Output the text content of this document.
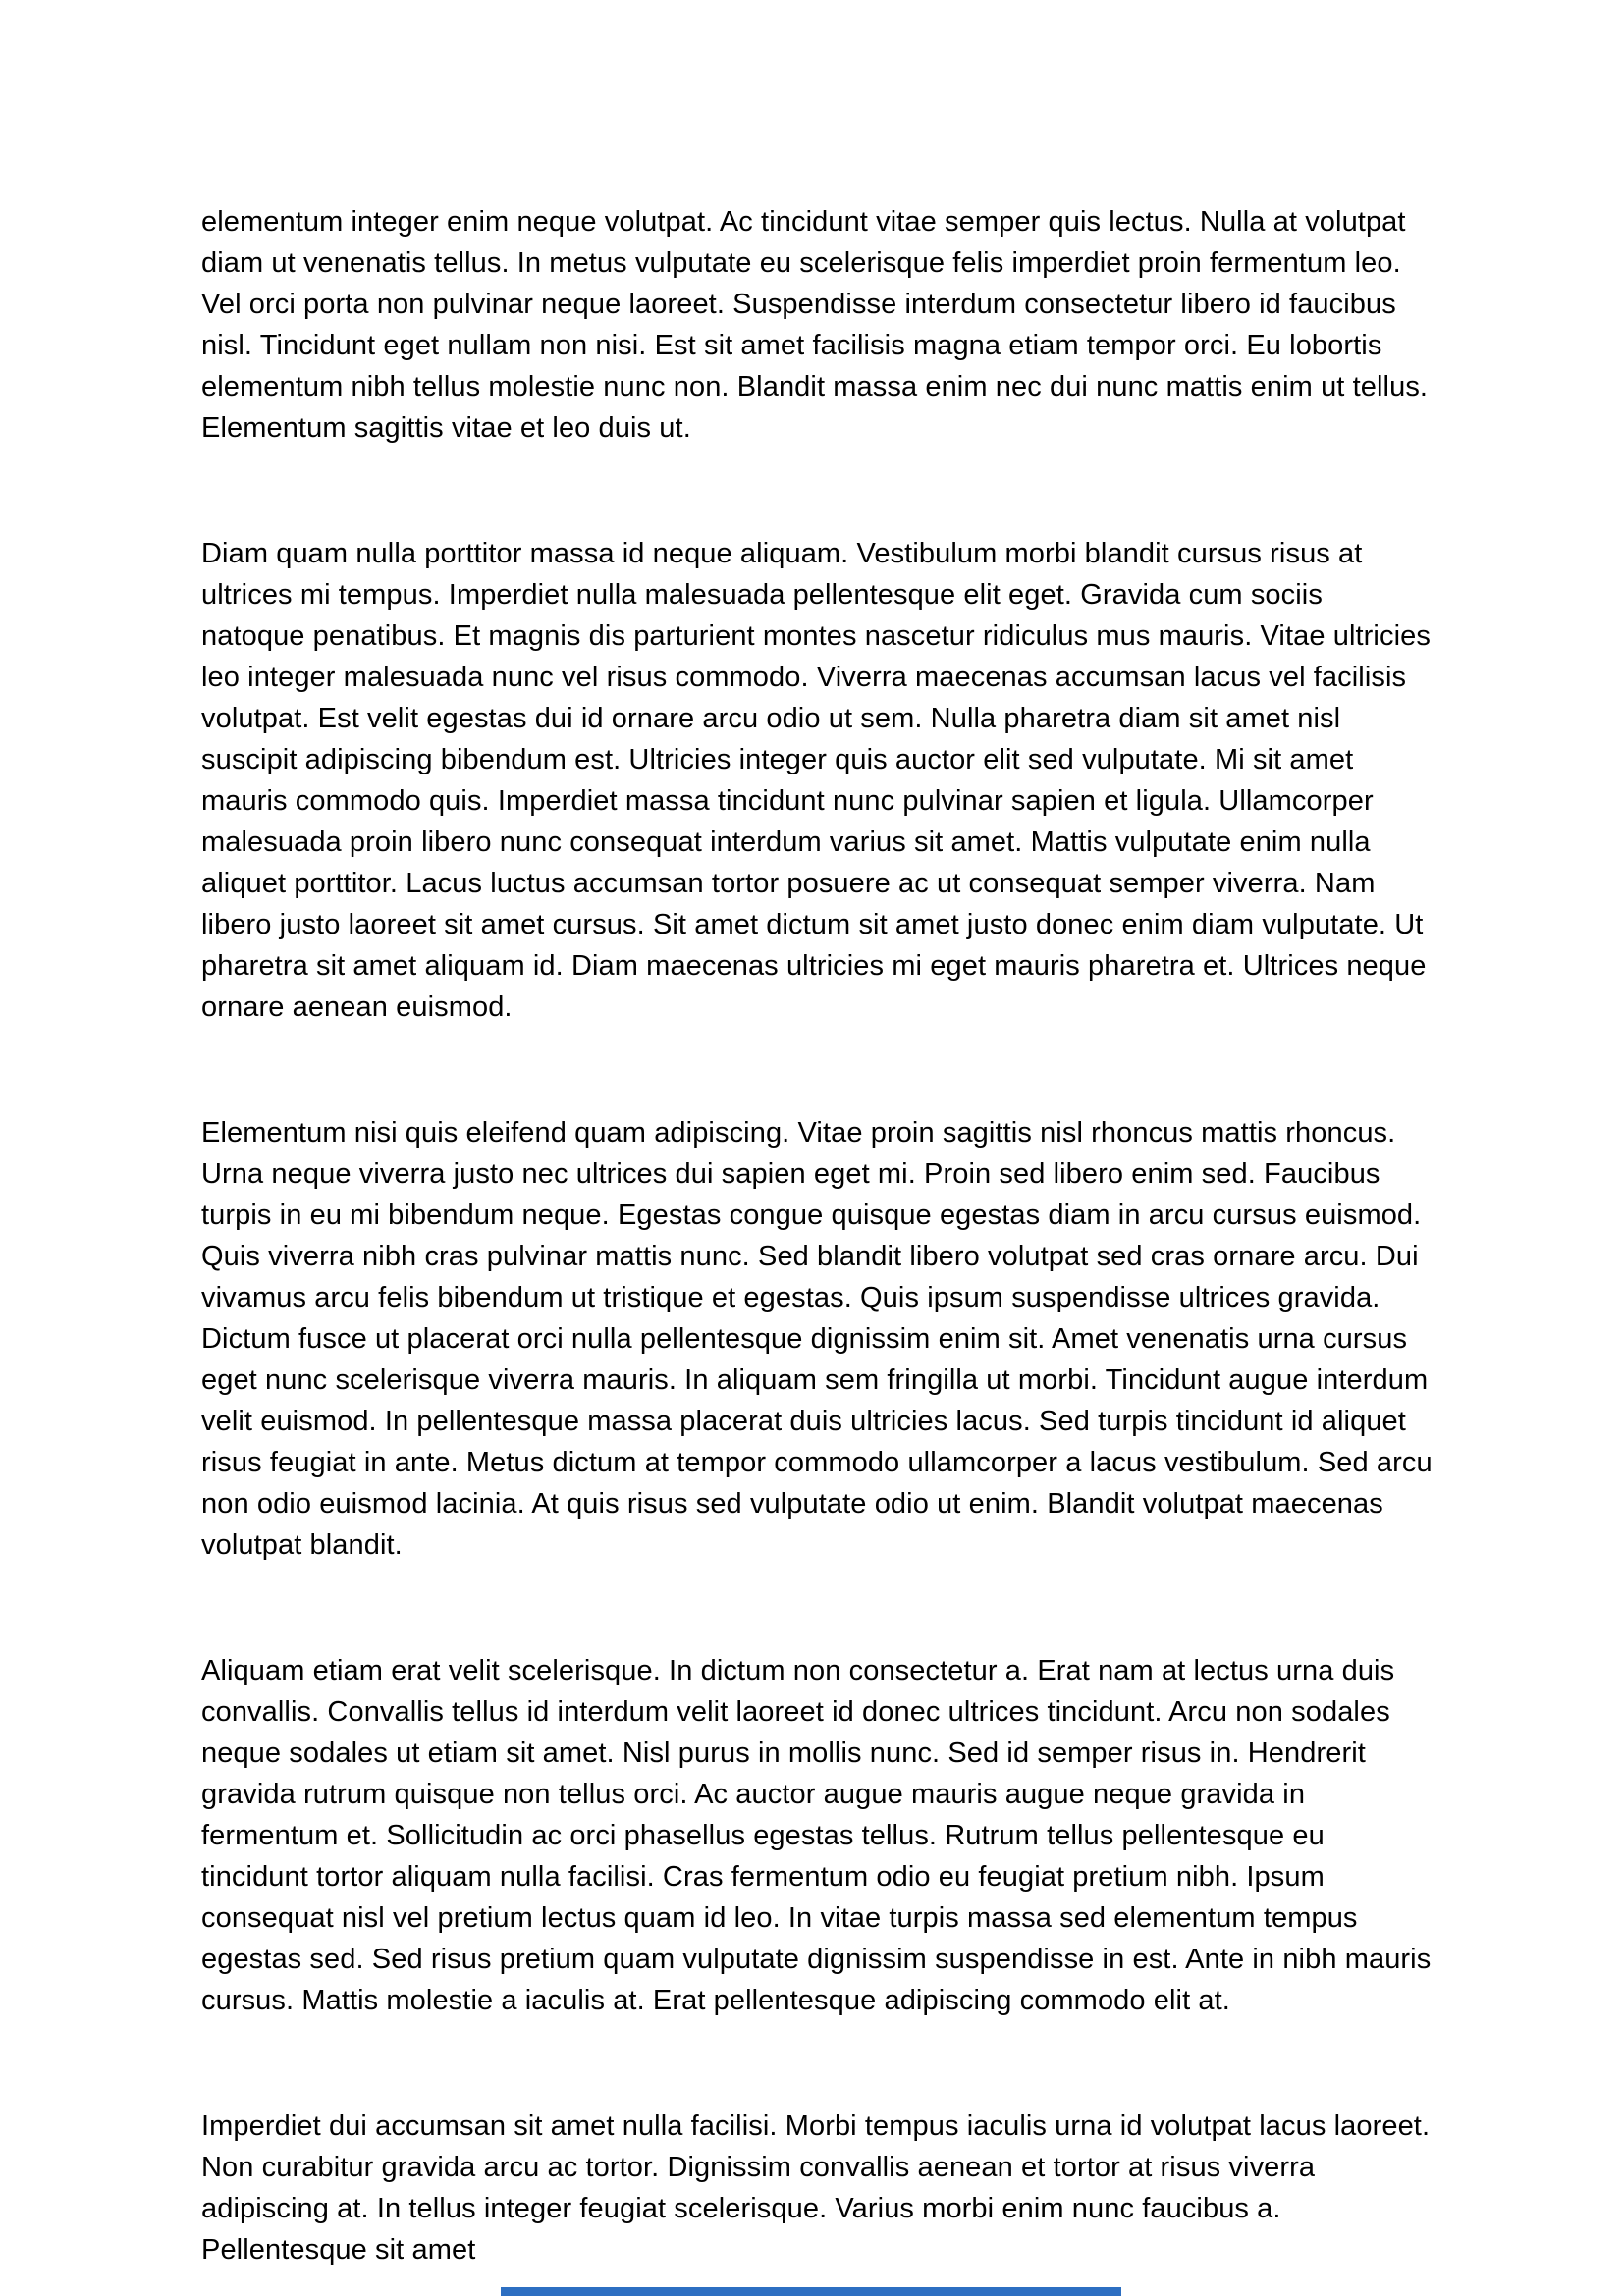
elementum integer enim neque volutpat. Ac tincidunt vitae semper quis lectus. Nulla at volutpat diam ut venenatis tellus. In metus vulputate eu scelerisque felis imperdiet proin fermentum leo. Vel orci porta non pulvinar neque laoreet. Suspendisse interdum consectetur libero id faucibus nisl. Tincidunt eget nullam non nisi. Est sit amet facilisis magna etiam tempor orci. Eu lobortis elementum nibh tellus molestie nunc non. Blandit massa enim nec dui nunc mattis enim ut tellus. Elementum sagittis vitae et leo duis ut.

Diam quam nulla porttitor massa id neque aliquam. Vestibulum morbi blandit cursus risus at ultrices mi tempus. Imperdiet nulla malesuada pellentesque elit eget. Gravida cum sociis natoque penatibus. Et magnis dis parturient montes nascetur ridiculus mus mauris. Vitae ultricies leo integer malesuada nunc vel risus commodo. Viverra maecenas accumsan lacus vel facilisis volutpat. Est velit egestas dui id ornare arcu odio ut sem. Nulla pharetra diam sit amet nisl suscipit adipiscing bibendum est. Ultricies integer quis auctor elit sed vulputate. Mi sit amet mauris commodo quis. Imperdiet massa tincidunt nunc pulvinar sapien et ligula. Ullamcorper malesuada proin libero nunc consequat interdum varius sit amet. Mattis vulputate enim nulla aliquet porttitor. Lacus luctus accumsan tortor posuere ac ut consequat semper viverra. Nam libero justo laoreet sit amet cursus. Sit amet dictum sit amet justo donec enim diam vulputate. Ut pharetra sit amet aliquam id. Diam maecenas ultricies mi eget mauris pharetra et. Ultrices neque ornare aenean euismod.

Elementum nisi quis eleifend quam adipiscing. Vitae proin sagittis nisl rhoncus mattis rhoncus. Urna neque viverra justo nec ultrices dui sapien eget mi. Proin sed libero enim sed. Faucibus turpis in eu mi bibendum neque. Egestas congue quisque egestas diam in arcu cursus euismod. Quis viverra nibh cras pulvinar mattis nunc. Sed blandit libero volutpat sed cras ornare arcu. Dui vivamus arcu felis bibendum ut tristique et egestas. Quis ipsum suspendisse ultrices gravida. Dictum fusce ut placerat orci nulla pellentesque dignissim enim sit. Amet venenatis urna cursus eget nunc scelerisque viverra mauris. In aliquam sem fringilla ut morbi. Tincidunt augue interdum velit euismod. In pellentesque massa placerat duis ultricies lacus. Sed turpis tincidunt id aliquet risus feugiat in ante. Metus dictum at tempor commodo ullamcorper a lacus vestibulum. Sed arcu non odio euismod lacinia. At quis risus sed vulputate odio ut enim. Blandit volutpat maecenas volutpat blandit.

Aliquam etiam erat velit scelerisque. In dictum non consectetur a. Erat nam at lectus urna duis convallis. Convallis tellus id interdum velit laoreet id donec ultrices tincidunt. Arcu non sodales neque sodales ut etiam sit amet. Nisl purus in mollis nunc. Sed id semper risus in. Hendrerit gravida rutrum quisque non tellus orci. Ac auctor augue mauris augue neque gravida in fermentum et. Sollicitudin ac orci phasellus egestas tellus. Rutrum tellus pellentesque eu tincidunt tortor aliquam nulla facilisi. Cras fermentum odio eu feugiat pretium nibh. Ipsum consequat nisl vel pretium lectus quam id leo. In vitae turpis massa sed elementum tempus egestas sed. Sed risus pretium quam vulputate dignissim suspendisse in est. Ante in nibh mauris cursus. Mattis molestie a iaculis at. Erat pellentesque adipiscing commodo elit at.

Imperdiet dui accumsan sit amet nulla facilisi. Morbi tempus iaculis urna id volutpat lacus laoreet. Non curabitur gravida arcu ac tortor. Dignissim convallis aenean et tortor at risus viverra adipiscing at. In tellus integer feugiat scelerisque. Varius morbi enim nunc faucibus a. Pellentesque sit amet
